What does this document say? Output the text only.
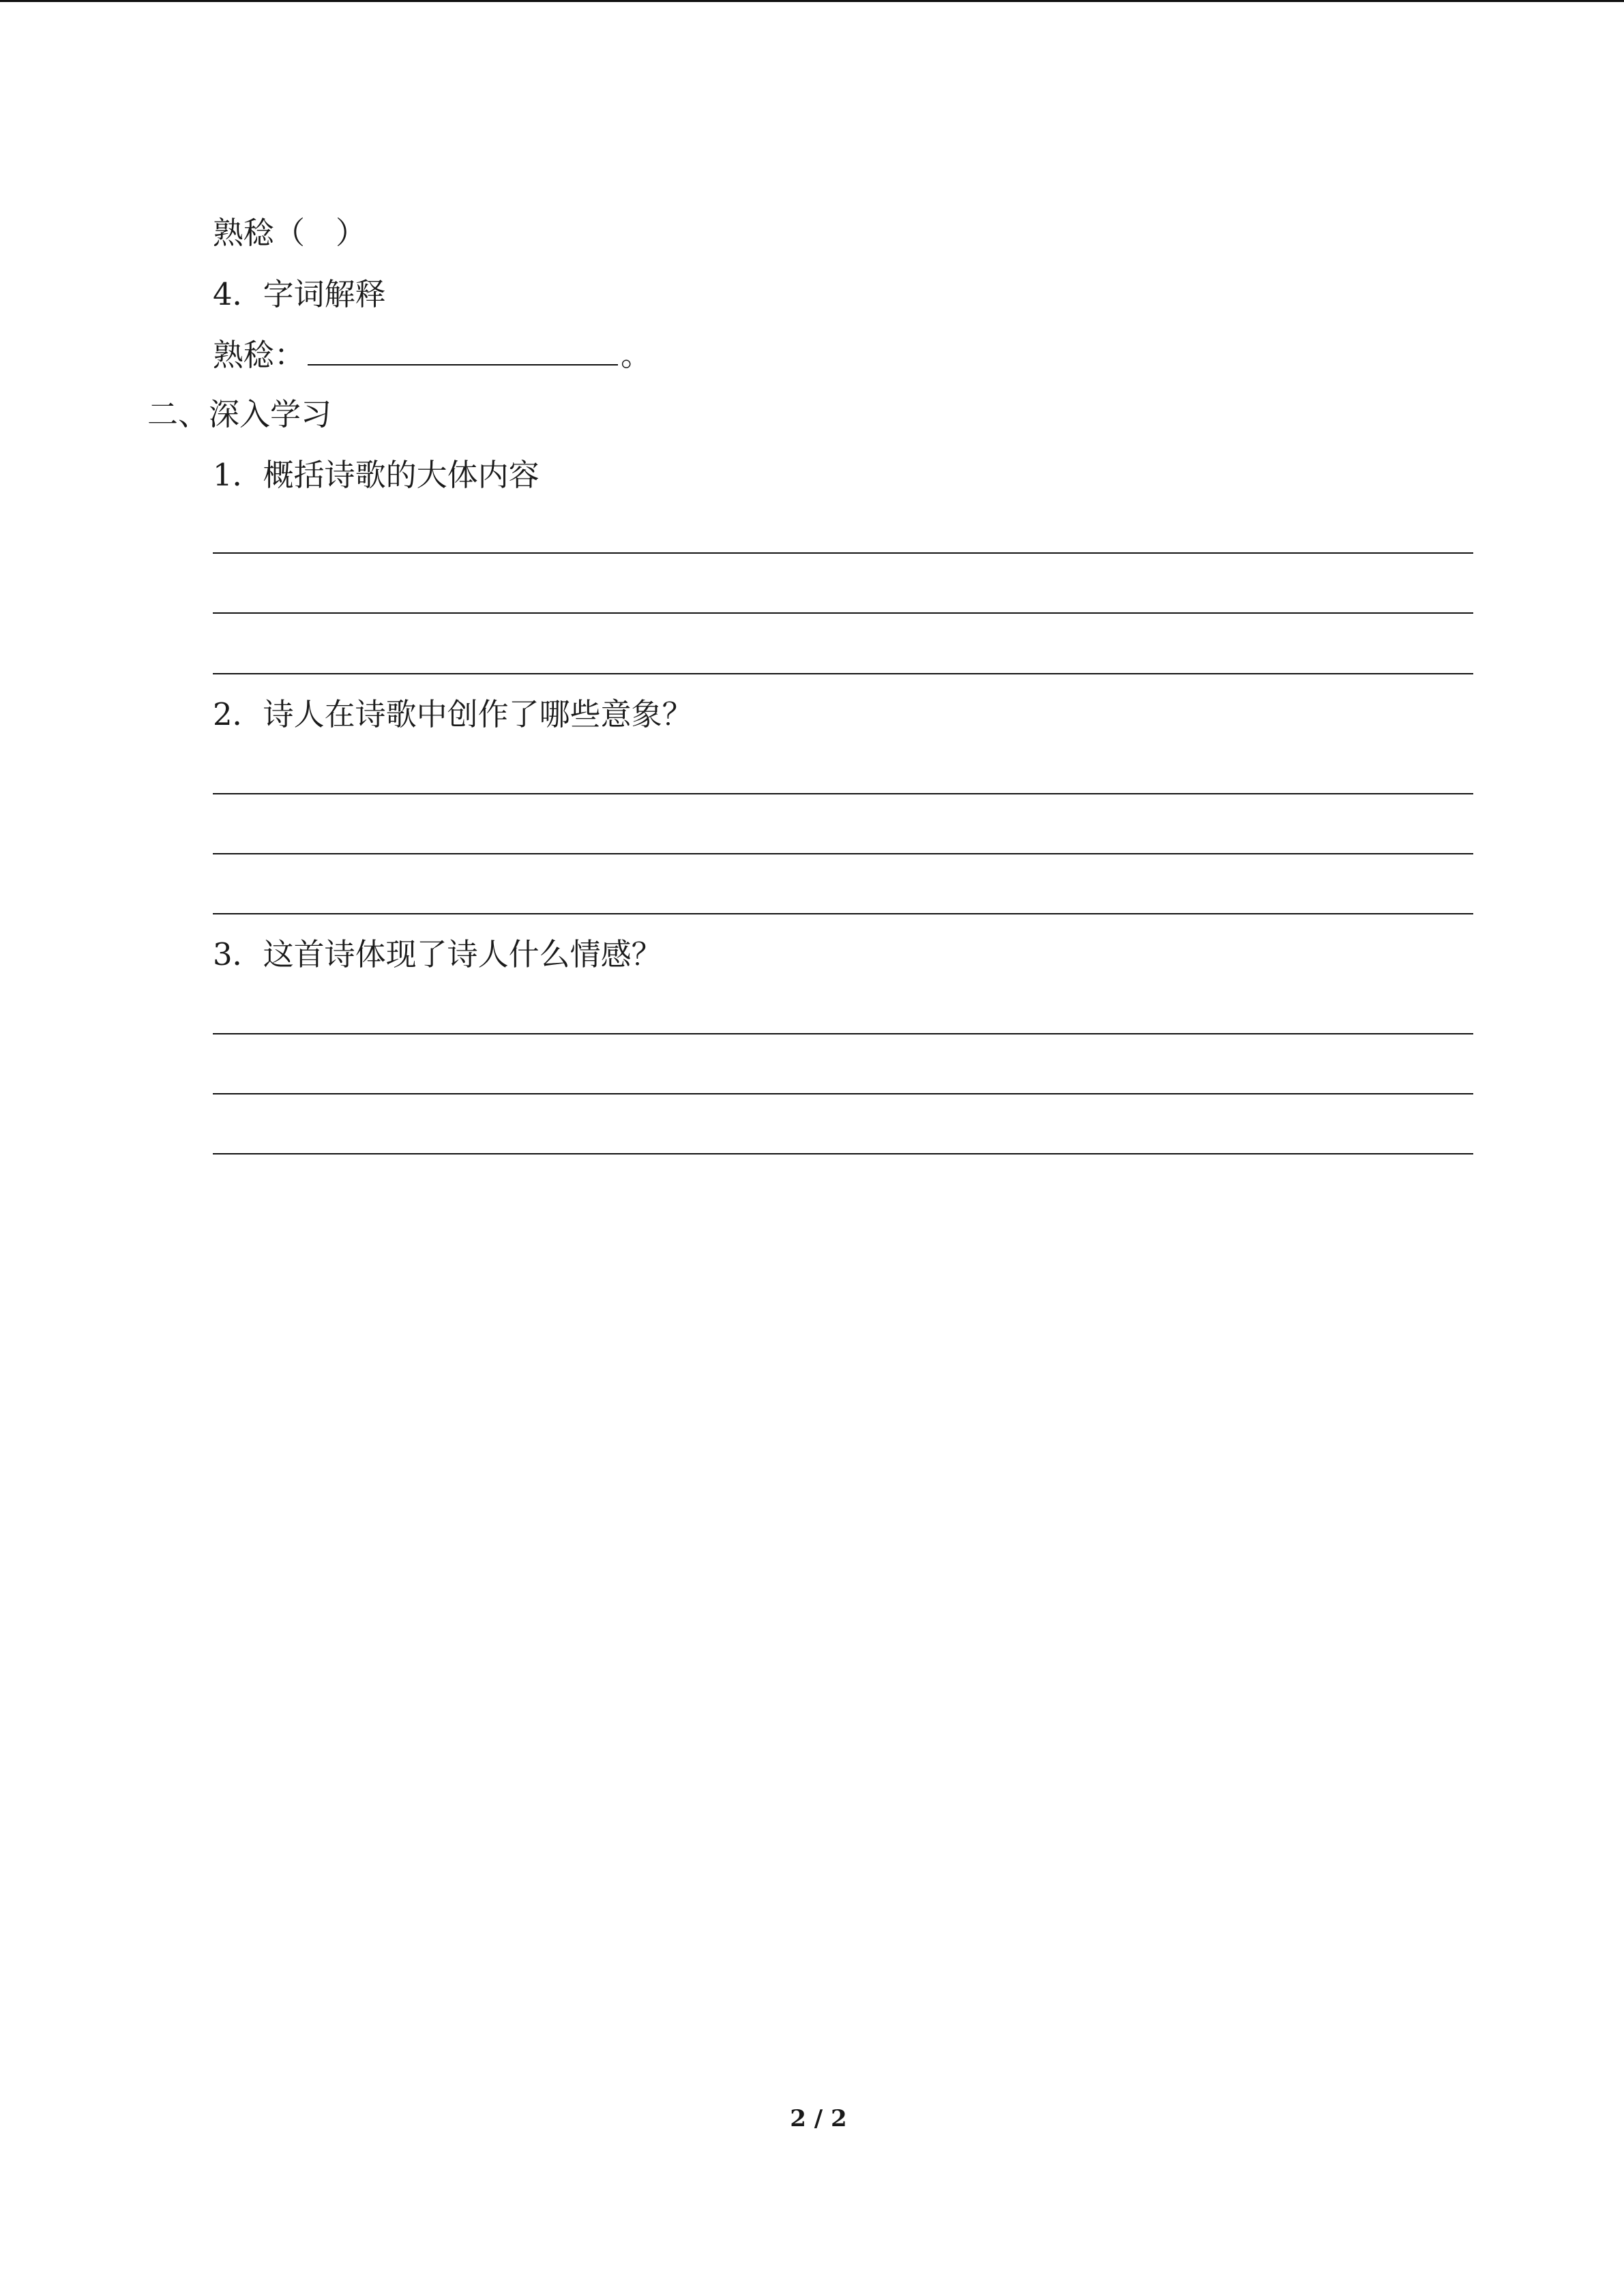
熟稔（　）
4．字词解释
熟稔：	。
二、深入学习
1．概括诗歌的大体内容
2．诗人在诗歌中创作了哪些意象？
3．这首诗体现了诗人什么情感？
2 / 2
